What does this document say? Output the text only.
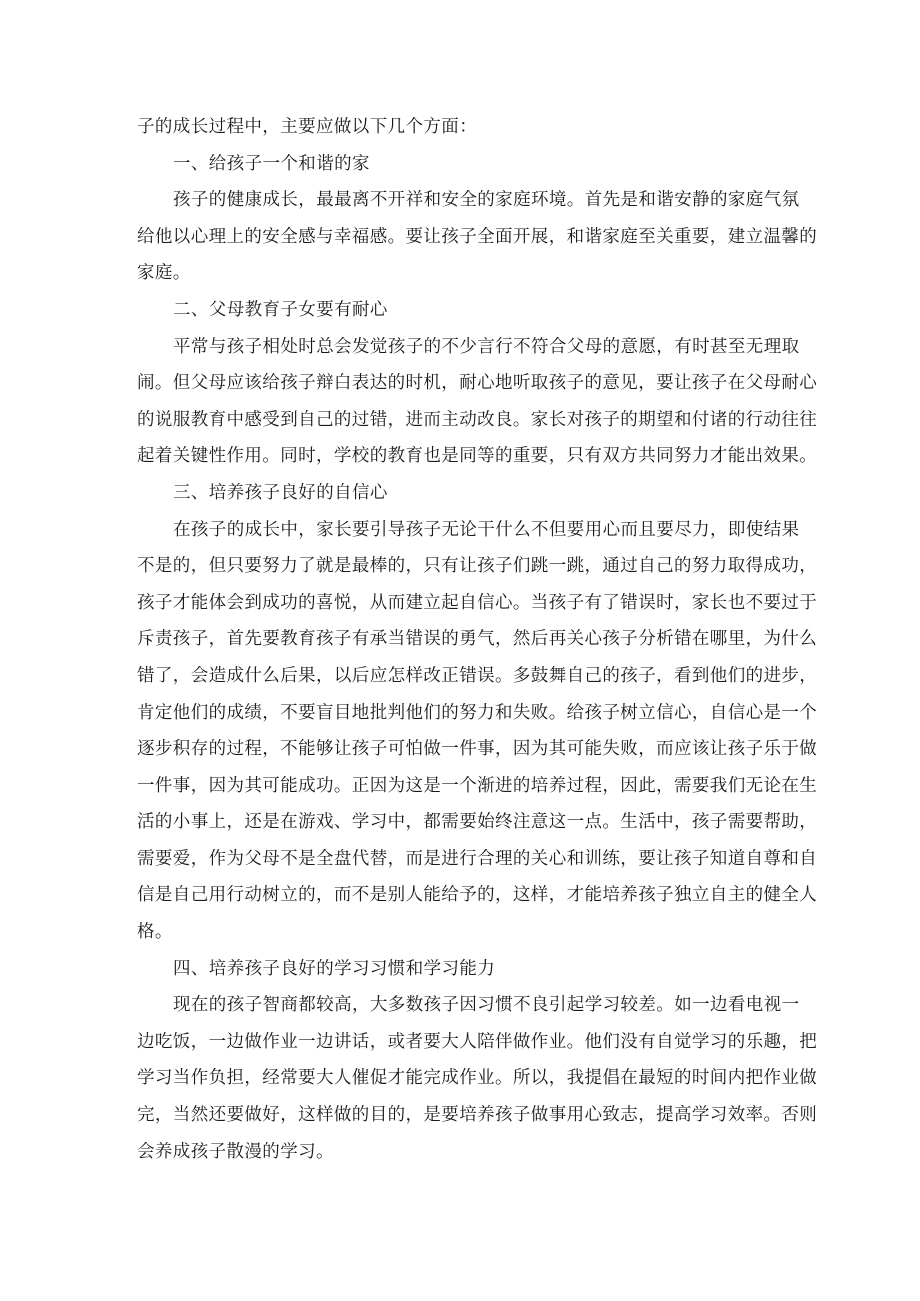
子的成长过程中，主要应做以下几个方面：
一、给孩子一个和谐的家
孩子的健康成长，最最离不开祥和安全的家庭环境。首先是和谐安静的家庭气氛
给他以心理上的安全感与幸福感。要让孩子全面开展，和谐家庭至关重要，建立温馨的
家庭。
二、父母教育子女要有耐心
平常与孩子相处时总会发觉孩子的不少言行不符合父母的意愿，有时甚至无理取
闹。但父母应该给孩子辩白表达的时机，耐心地听取孩子的意见，要让孩子在父母耐心
的说服教育中感受到自己的过错，进而主动改良。家长对孩子的期望和付诸的行动往往
起着关键性作用。同时，学校的教育也是同等的重要，只有双方共同努力才能出效果。
三、培养孩子良好的自信心
在孩子的成长中，家长要引导孩子无论干什么不但要用心而且要尽力，即使结果
不是的，但只要努力了就是最棒的，只有让孩子们跳一跳，通过自己的努力取得成功，
孩子才能体会到成功的喜悦，从而建立起自信心。当孩子有了错误时，家长也不要过于
斥责孩子，首先要教育孩子有承当错误的勇气，然后再关心孩子分析错在哪里，为什么
错了，会造成什么后果，以后应怎样改正错误。多鼓舞自己的孩子，看到他们的进步，
肯定他们的成绩，不要盲目地批判他们的努力和失败。给孩子树立信心，自信心是一个
逐步积存的过程，不能够让孩子可怕做一件事，因为其可能失败，而应该让孩子乐于做
一件事，因为其可能成功。正因为这是一个渐进的培养过程，因此，需要我们无论在生
活的小事上，还是在游戏、学习中，都需要始终注意这一点。生活中，孩子需要帮助，
需要爱，作为父母不是全盘代替，而是进行合理的关心和训练，要让孩子知道自尊和自
信是自己用行动树立的，而不是别人能给予的，这样，才能培养孩子独立自主的健全人
格。
四、培养孩子良好的学习习惯和学习能力
现在的孩子智商都较高，大多数孩子因习惯不良引起学习较差。如一边看电视一
边吃饭，一边做作业一边讲话，或者要大人陪伴做作业。他们没有自觉学习的乐趣，把
学习当作负担，经常要大人催促才能完成作业。所以，我提倡在最短的时间内把作业做
完，当然还要做好，这样做的目的，是要培养孩子做事用心致志，提高学习效率。否则
会养成孩子散漫的学习。
